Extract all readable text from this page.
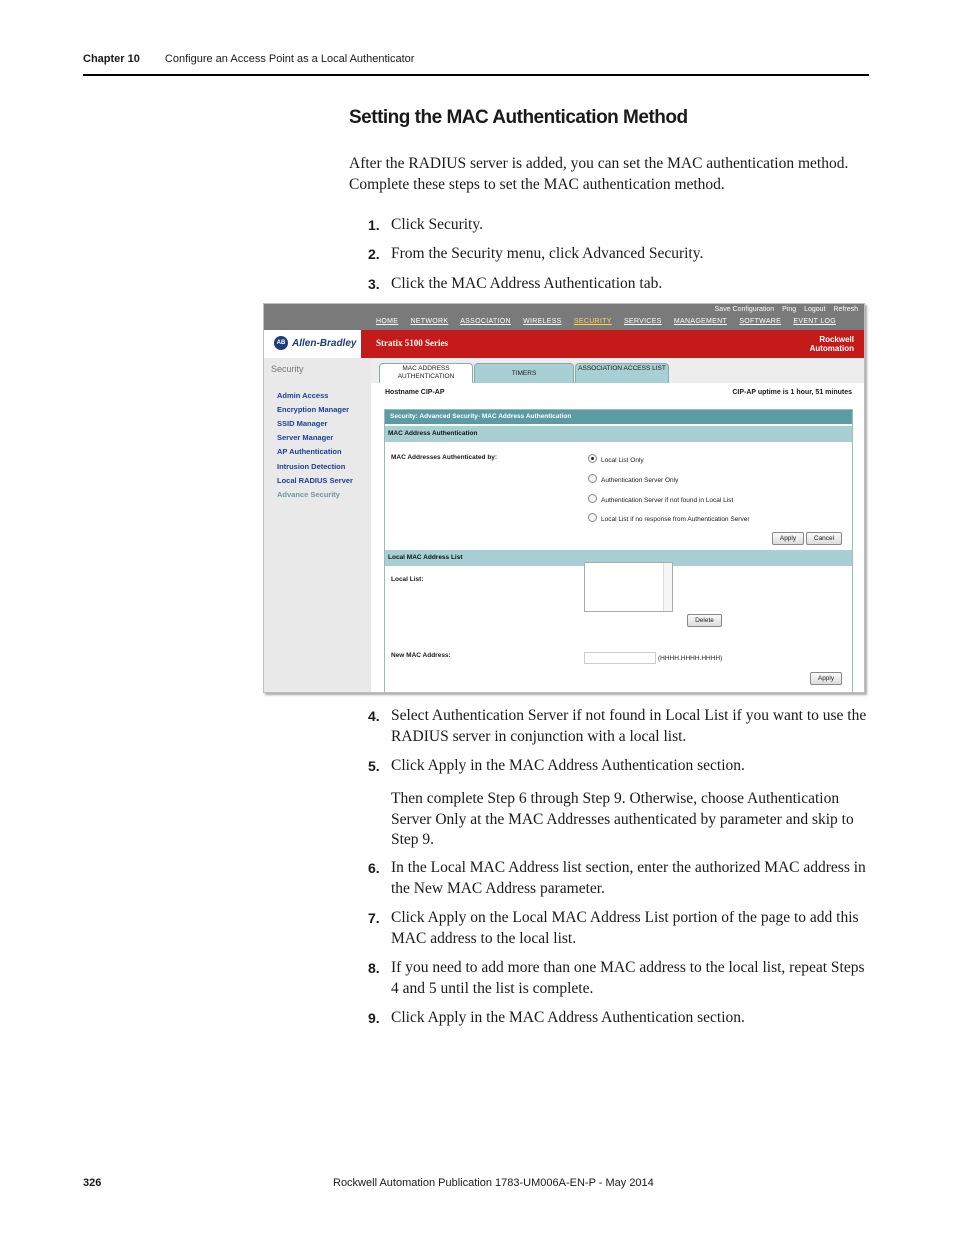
Chapter 10 Configure an Access Point as a Local Authenticator
Setting the MAC Authentication Method
After the RADIUS server is added, you can set the MAC authentication method. Complete these steps to set the MAC authentication method.
1. Click Security.
2. From the Security menu, click Advanced Security.
3. Click the MAC Address Authentication tab.
Save Configuration Ping Logout Refresh
HOME NETWORK ASSOCIATION WIRELESS SECURITY SERVICES MANAGEMENT SOFTWARE EVENT LOG
AB Allen-Bradley Stratix 5100 Series	Rockwell
Automation
Security
Admin Access
Encryption Manager
SSID Manager
Server Manager
AP Authentication
Intrusion Detection
Local RADIUS Server
Advance Security
MAC ADDRESS AUTHENTICATION	TIMERS
ASSOCIATION ACCESS LIST
Hostname CIP-AP	CIP-AP uptime is 1 hour, 51 minutes
Security: Advanced Security- MAC Address Authentication
MAC Address Authentication
MAC Addresses Authenticated by:	Local List Only
Authentication Server Only
Authentication Server if not found in Local List
Local List if no response from Authentication Server
Apply	Cancel
Local MAC Address List
Local List:
Delete
New MAC Address:	(HHHH.HHHH.HHHH)
Apply
4. Select Authentication Server if not found in Local List if you want to use the RADIUS server in conjunction with a local list.
5. Click Apply in the MAC Address Authentication section.
Then complete Step 6 through Step 9. Otherwise, choose Authentication Server Only at the MAC Addresses authenticated by parameter and skip to Step 9.
6. In the Local MAC Address list section, enter the authorized MAC address in the New MAC Address parameter.
7. Click Apply on the Local MAC Address List portion of the page to add this MAC address to the local list.
8. If you need to add more than one MAC address to the local list, repeat Steps 4 and 5 until the list is complete.
9. Click Apply in the MAC Address Authentication section.
326	Rockwell Automation Publication 1783-UM006A-EN-P - May 2014
